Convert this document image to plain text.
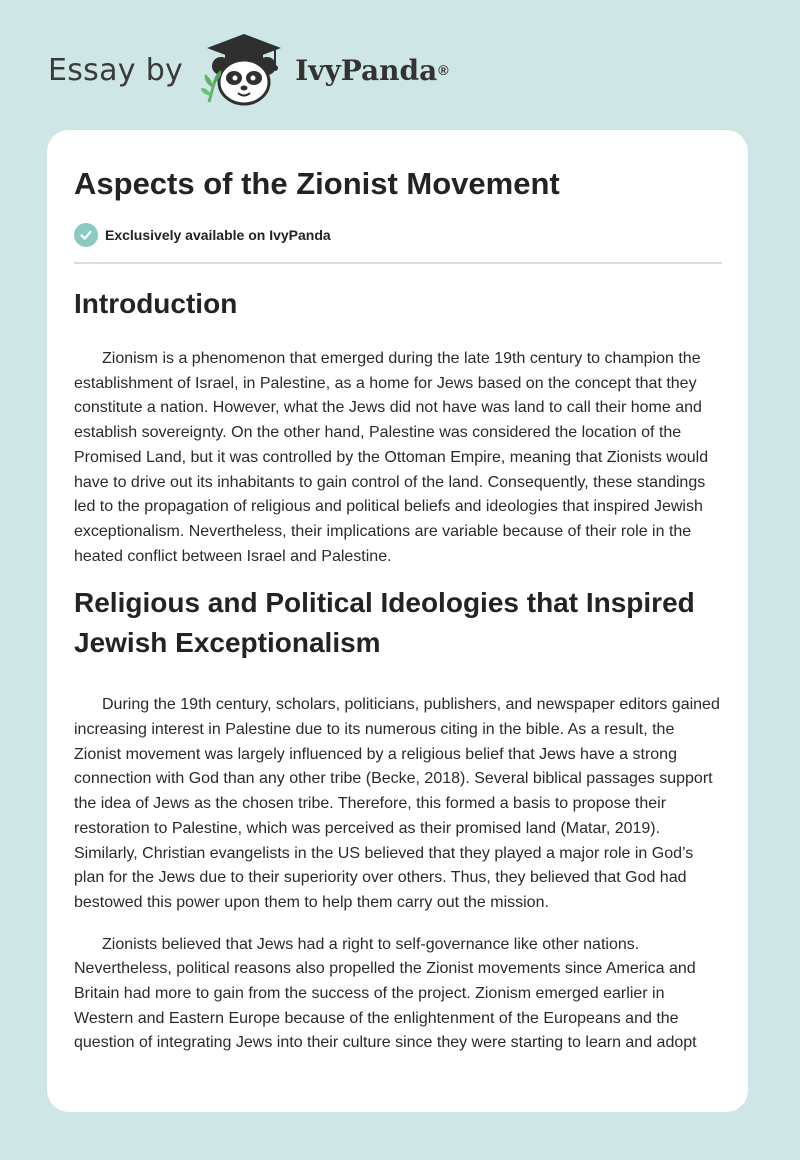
Essay by	IvyPanda ®
Aspects of the Zionist Movement
Exclusively available on IvyPanda
Introduction

Zionism is a phenomenon that emerged during the late 19th century to champion the establishment of Israel, in Palestine, as a home for Jews based on the concept that they constitute a nation. However, what the Jews did not have was land to call their home and establish sovereignty. On the other hand, Palestine was considered the location of the Promised Land, but it was controlled by the Ottoman Empire, meaning that Zionists would have to drive out its inhabitants to gain control of the land. Consequently, these standings led to the propagation of religious and political beliefs and ideologies that inspired Jewish exceptionalism. Nevertheless, their implications are variable because of their role in the heated conflict between Israel and Palestine.

Religious and Political Ideologies that Inspired Jewish Exceptionalism

During the 19th century, scholars, politicians, publishers, and newspaper editors gained increasing interest in Palestine due to its numerous citing in the bible. As a result, the Zionist movement was largely influenced by a religious belief that Jews have a strong connection with God than any other tribe (Becke, 2018). Several biblical passages support the idea of Jews as the chosen tribe. Therefore, this formed a basis to propose their restoration to Palestine, which was perceived as their promised land (Matar, 2019). Similarly, Christian evangelists in the US believed that they played a major role in God’s plan for the Jews due to their superiority over others. Thus, they believed that God had bestowed this power upon them to help them carry out the mission.

Zionists believed that Jews had a right to self-governance like other nations. Nevertheless, political reasons also propelled the Zionist movements since America and Britain had more to gain from the success of the project. Zionism emerged earlier in Western and Eastern Europe because of the enlightenment of the Europeans and the question of integrating Jews into their culture since they were starting to learn and adopt
